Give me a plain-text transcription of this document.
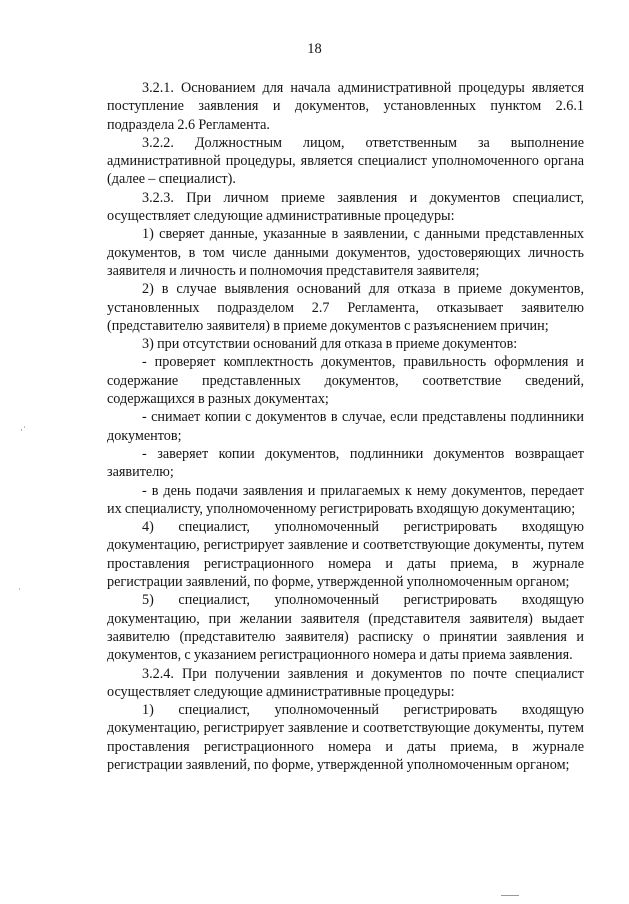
18

3.2.1. Основанием для начала административной процедуры является поступление заявления и документов, установленных пунктом 2.6.1 подраздела 2.6 Регламента.

3.2.2. Должностным лицом, ответственным за выполнение административной процедуры, является специалист уполномоченного органа (далее – специалист).

3.2.3. При личном приеме заявления и документов специалист, осуществляет следующие административные процедуры:

1) сверяет данные, указанные в заявлении, с данными представленных документов, в том числе данными документов, удостоверяющих личность заявителя и личность и полномочия представителя заявителя;

2) в случае выявления оснований для отказа в приеме документов, установленных подразделом 2.7 Регламента, отказывает заявителю (представителю заявителя) в приеме документов с разъяснением причин;

3) при отсутствии оснований для отказа в приеме документов:

- проверяет комплектность документов, правильность оформления и содержание представленных документов, соответствие сведений, содержащихся в разных документах;

- снимает копии с документов в случае, если представлены подлинники документов;

- заверяет копии документов, подлинники документов возвращает заявителю;

- в день подачи заявления и прилагаемых к нему документов, передает их специалисту, уполномоченному регистрировать входящую документацию;

4) специалист, уполномоченный регистрировать входящую документацию, регистрирует заявление и соответствующие документы, путем проставления регистрационного номера и даты приема, в журнале регистрации заявлений, по форме, утвержденной уполномоченным органом;

5) специалист, уполномоченный регистрировать входящую документацию, при желании заявителя (представителя заявителя) выдает заявителю (представителю заявителя) расписку о принятии заявления и документов, с указанием регистрационного номера и даты приема заявления.

3.2.4. При получении заявления и документов по почте специалист осуществляет следующие административные процедуры:

1) специалист, уполномоченный регистрировать входящую документацию, регистрирует заявление и соответствующие документы, путем проставления регистрационного номера и даты приема, в журнале регистрации заявлений, по форме, утвержденной уполномоченным органом;

·˙
˙
